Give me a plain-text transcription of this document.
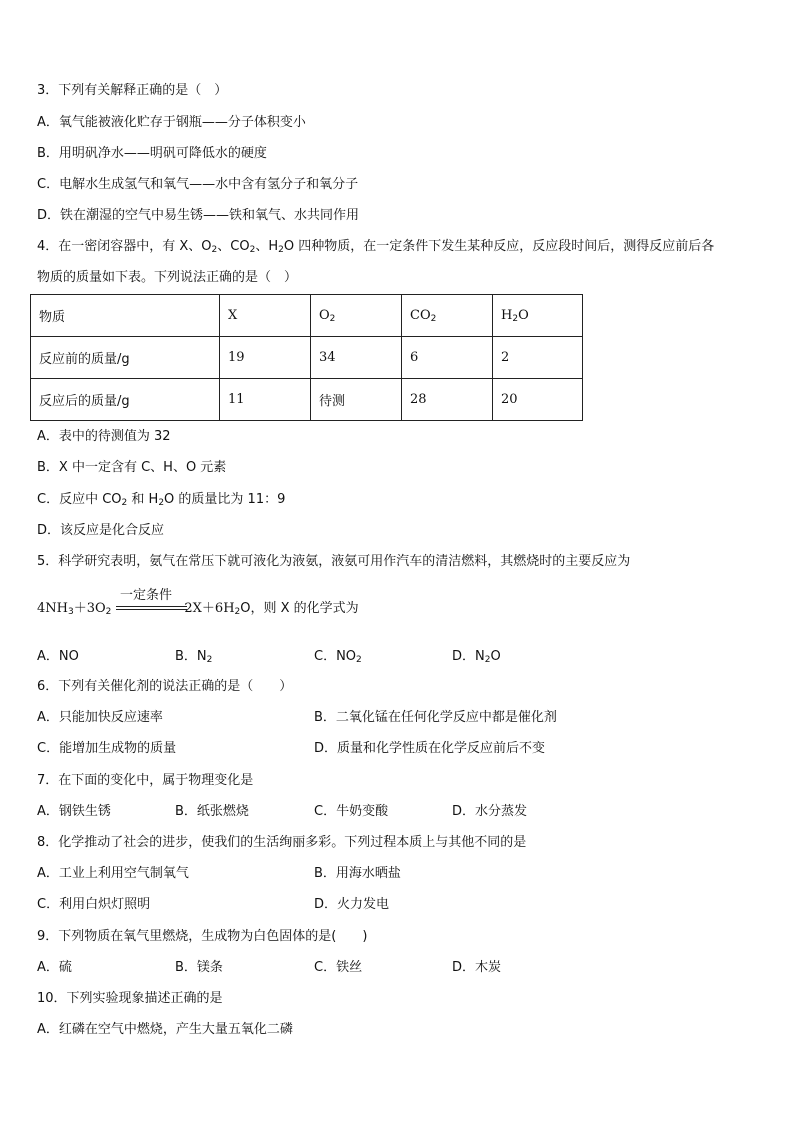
3．下列有关解释正确的是（　）
A．氧气能被液化贮存于钢瓶——分子体积变小
B．用明矾净水——明矾可降低水的硬度
C．电解水生成氢气和氧气——水中含有氢分子和氧分子
D．铁在潮湿的空气中易生锈——铁和氧气、水共同作用
4．在一密闭容器中，有 X、$O_2$、$CO_2$、$H_2O$ 四种物质，在一定条件下发生某种反应，反应段时间后，测得反应前后各
物质的质量如下表。下列说法正确的是（　）
物质	X	$O_2$	$CO_2$	$H_2O$
反应前的质量/g	19	34	6	2
反应后的质量/g	11	待测	28	20
A．表中的待测值为 32
B．X 中一定含有 C、H、O 元素
C．反应中 $CO_2$ 和 $H_2O$ 的质量比为 11：9
D．该反应是化合反应
5．科学研究表明，氨气在常压下就可液化为液氨，液氨可用作汽车的清洁燃料，其燃烧时的主要反应为
一定条件
$4NH_3+3O_2$	$2X+6H_2O$，则 X 的化学式为
A．NO	B．$N_2$	C．$NO_2$	D．$N_2O$
6．下列有关催化剂的说法正确的是（　　）
A．只能加快反应速率	B．二氧化锰在任何化学反应中都是催化剂
C．能增加生成物的质量	D．质量和化学性质在化学反应前后不变
7．在下面的变化中，属于物理变化是
A．钢铁生锈	B．纸张燃烧	C．牛奶变酸	D．水分蒸发
8．化学推动了社会的进步，使我们的生活绚丽多彩。下列过程本质上与其他不同的是
A．工业上利用空气制氧气	B．用海水晒盐
C．利用白炽灯照明	D．火力发电
9．下列物质在氧气里燃烧，生成物为白色固体的是(　　)
A．硫	B．镁条	C．铁丝	D．木炭
10．下列实验现象描述正确的是
A．红磷在空气中燃烧，产生大量五氧化二磷
